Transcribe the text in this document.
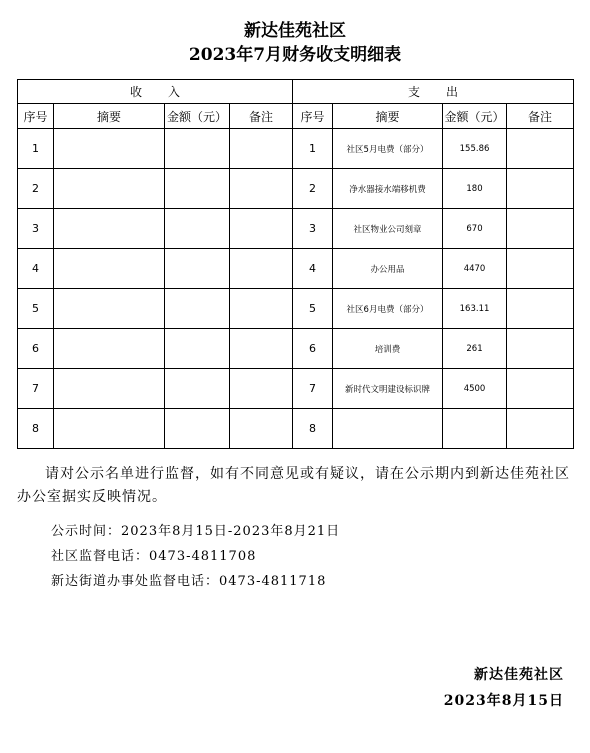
新达佳苑社区
2023年7月财务收支明细表
收入				支出			
序号	摘要	金额（元）	备注	序号	摘要	金额（元）	备注
1				1	社区5月电费（部分）	155.86	
2				2	净水器接水端移机费	180	
3				3	社区物业公司刻章	670	
4				4	办公用品	4470	
5				5	社区6月电费（部分）	163.11	
6				6	培训费	261	
7				7	新时代文明建设标识牌	4500	
8				8			
请对公示名单进行监督，如有不同意见或有疑议，请在公示期内到新达佳苑社区办公室据实反映情况。
公示时间：2023年8月15日-2023年8月21日
社区监督电话：0473-4811708
新达街道办事处监督电话：0473-4811718
新达佳苑社区
2023年8月15日
